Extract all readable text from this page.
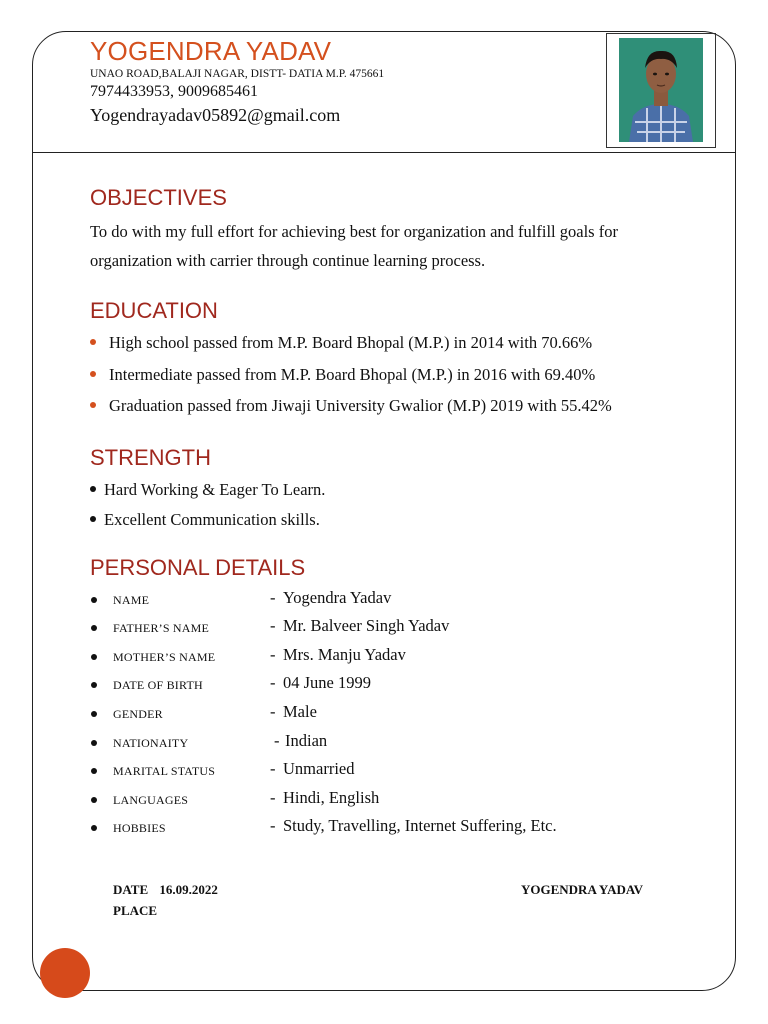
YOGENDRA YADAV
UNAO ROAD,BALAJI NAGAR, DISTT- DATIA M.P. 475661
7974433953, 9009685461
Yogendrayadav05892@gmail.com
OBJECTIVES
To do with my full effort for achieving best for organization and fulfill goals for
organization with carrier through continue learning process.
EDUCATION
High school passed from M.P. Board Bhopal (M.P.) in 2014 with 70.66%
Intermediate passed from M.P. Board Bhopal (M.P.) in 2016 with 69.40%
Graduation passed from Jiwaji University Gwalior (M.P) 2019 with 55.42%
STRENGTH
Hard Working & Eager To Learn.
Excellent Communication skills.
PERSONAL DETAILS
NAME	- Yogendra Yadav
FATHER’S NAME	- Mr. Balveer Singh Yadav
MOTHER’S NAME	- Mrs. Manju Yadav
DATE OF BIRTH	- 04 June 1999
GENDER	- Male
NATIONAITY	- Indian
MARITAL STATUS	- Unmarried
LANGUAGES	- Hindi, English
HOBBIES	- Study, Travelling, Internet Suffering, Etc.
DATE 16.09.2022
PLACE
YOGENDRA YADAV
